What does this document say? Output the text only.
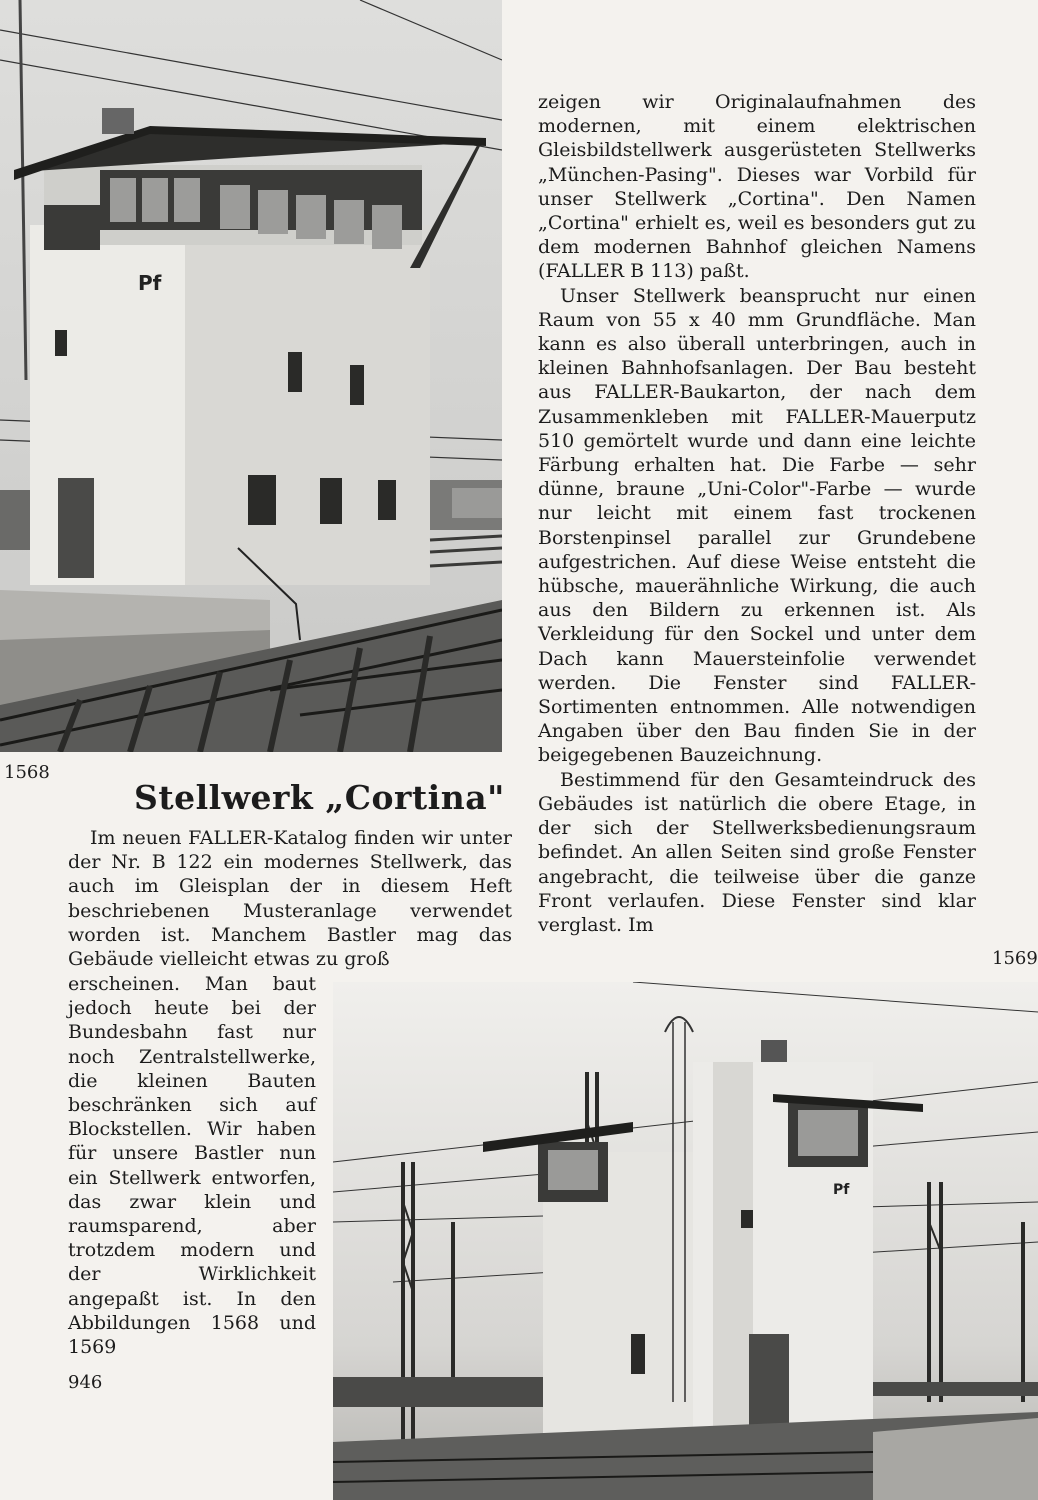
Pf
1568
Pf
1569
Stellwerk „Cortina"
Im neuen FALLER-Katalog finden wir unter der Nr. B 122 ein modernes Stellwerk, das auch im Gleisplan der in diesem Heft beschriebenen Musteranlage verwendet worden ist. Manchem Bastler mag das Gebäude vielleicht etwas zu groß
erscheinen. Man baut jedoch heute bei der Bundesbahn fast nur noch Zentralstellwerke, die kleinen Bauten beschränken sich auf Blockstellen. Wir haben für unsere Bastler nun ein Stellwerk entworfen, das zwar klein und raumsparend, aber trotzdem modern und der Wirklichkeit angepaßt ist. In den Abbildungen 1568 und 1569

zeigen wir Originalaufnahmen des modernen, mit einem elektrischen Gleisbildstellwerk ausgerüsteten Stellwerks „München-Pasing". Dieses war Vorbild für unser Stellwerk „Cortina". Den Namen „Cortina" erhielt es, weil es besonders gut zu dem modernen Bahnhof gleichen Namens (FALLER B 113) paßt.

Unser Stellwerk beansprucht nur einen Raum von 55 x 40 mm Grundfläche. Man kann es also überall unterbringen, auch in kleinen Bahnhofsanlagen. Der Bau besteht aus FALLER-Baukarton, der nach dem Zusammenkleben mit FALLER-Mauerputz 510 gemörtelt wurde und dann eine leichte Färbung erhalten hat. Die Farbe — sehr dünne, braune „Uni-Color"-Farbe — wurde nur leicht mit einem fast trockenen Borstenpinsel parallel zur Grundebene aufgestrichen. Auf diese Weise entsteht die hübsche, mauerähnliche Wirkung, die auch aus den Bildern zu erkennen ist. Als Verkleidung für den Sockel und unter dem Dach kann Mauersteinfolie verwendet werden. Die Fenster sind FALLER-Sortimenten entnommen. Alle notwendigen Angaben über den Bau finden Sie in der beigegebenen Bauzeichnung.

Bestimmend für den Gesamteindruck des Gebäudes ist natürlich die obere Etage, in der sich der Stellwerksbedienungsraum befindet. An allen Seiten sind große Fenster angebracht, die teilweise über die ganze Front verlaufen. Diese Fenster sind klar verglast. Im

946
